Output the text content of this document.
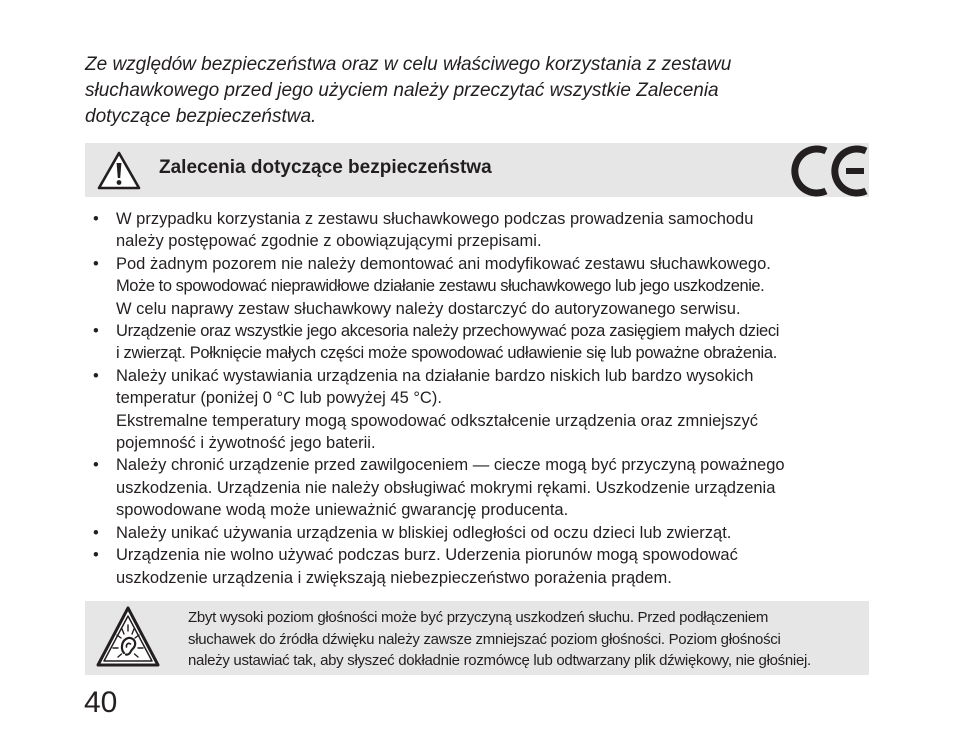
Ze względów bezpieczeństwa oraz w celu właściwego korzystania z zestawu
słuchawkowego przed jego użyciem należy przeczytać wszystkie Zalecenia
dotyczące bezpieczeństwa.

Zalecenia dotyczące bezpieczeństwa
• W przypadku korzystania z zestawu słuchawkowego podczas prowadzenia samochodu
należy postępować zgodnie z obowiązującymi przepisami.
• Pod żadnym pozorem nie należy demontować ani modyfikować zestawu słuchawkowego.
Może to spowodować nieprawidłowe działanie zestawu słuchawkowego lub jego uszkodzenie.
W celu naprawy zestaw słuchawkowy należy dostarczyć do autoryzowanego serwisu.
• Urządzenie oraz wszystkie jego akcesoria należy przechowywać poza zasięgiem małych dzieci
i zwierząt. Połknięcie małych części może spowodować udławienie się lub poważne obrażenia.
• Należy unikać wystawiania urządzenia na działanie bardzo niskich lub bardzo wysokich
temperatur (poniżej 0 °C lub powyżej 45 °C).
Ekstremalne temperatury mogą spowodować odkształcenie urządzenia oraz zmniejszyć
pojemność i żywotność jego baterii.
• Należy chronić urządzenie przed zawilgoceniem — ciecze mogą być przyczyną poważnego
uszkodzenia. Urządzenia nie należy obsługiwać mokrymi rękami. Uszkodzenie urządzenia
spowodowane wodą może unieważnić gwarancję producenta.
• Należy unikać używania urządzenia w bliskiej odległości od oczu dzieci lub zwierząt.
• Urządzenia nie wolno używać podczas burz. Uderzenia piorunów mogą spowodować
uszkodzenie urządzenia i zwiększają niebezpieczeństwo porażenia prądem.
Zbyt wysoki poziom głośności może być przyczyną uszkodzeń słuchu. Przed podłączeniem
słuchawek do źródła dźwięku należy zawsze zmniejszać poziom głośności. Poziom głośności
należy ustawiać tak, aby słyszeć dokładnie rozmówcę lub odtwarzany plik dźwiękowy, nie głośniej.
40
